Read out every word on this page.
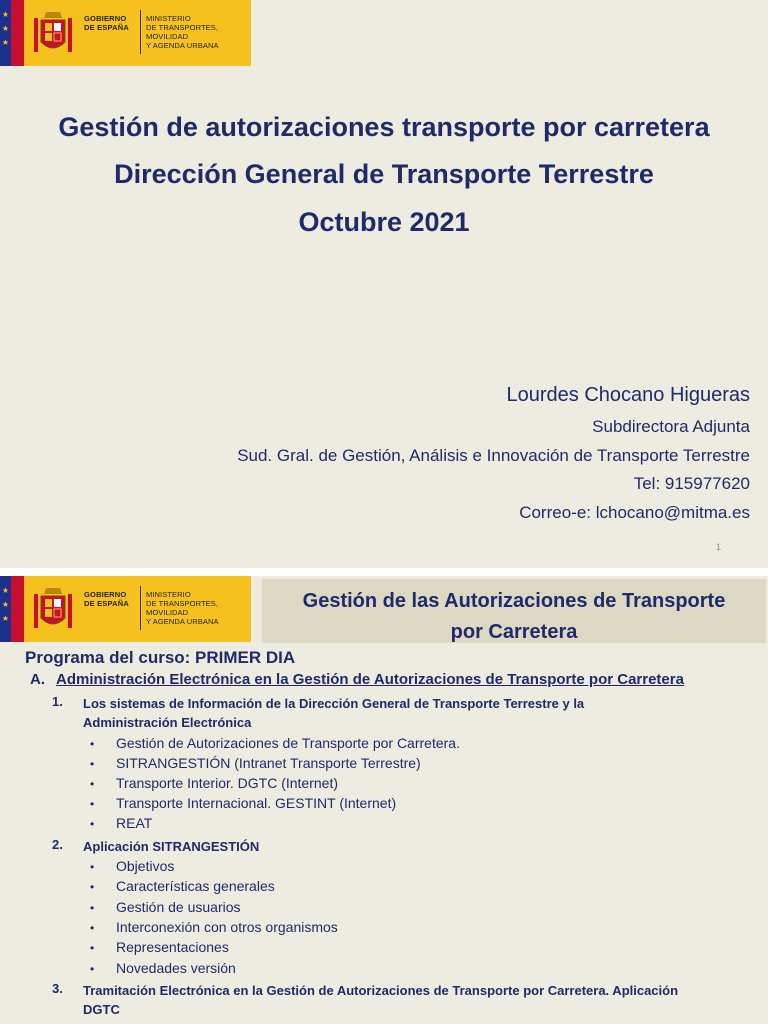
★
★
★
GOBIERNO
DE ESPAÑA
MINISTERIO
DE TRANSPORTES, MOVILIDAD
Y AGENDA URBANA
Gestión de autorizaciones transporte por carretera
Dirección General de Transporte Terrestre
Octubre 2021
Lourdes Chocano Higueras
Subdirectora Adjunta
Sud. Gral. de Gestión, Análisis e Innovación de Transporte Terrestre
Tel: 915977620
Correo-e: lchocano@mitma.es
1
★
★
★
GOBIERNO
DE ESPAÑA
MINISTERIO
DE TRANSPORTES, MOVILIDAD
Y AGENDA URBANA
Gestión de las Autorizaciones de Transporte
por Carretera
Programa del curso: PRIMER DIA
A. Administración Electrónica en la Gestión de Autorizaciones de Transporte por Carretera
1. Los sistemas de Información de la Dirección General de Transporte Terrestre y la
Administración Electrónica
• Gestión de Autorizaciones de Transporte por Carretera.
• SITRANGESTIÓN (Intranet Transporte Terrestre)
• Transporte Interior. DGTC (Internet)
• Transporte Internacional. GESTINT (Internet)
• REAT
2. Aplicación SITRANGESTIÓN
• Objetivos
• Características generales
• Gestión de usuarios
• Interconexión con otros organismos
• Representaciones
• Novedades versión
3. Tramitación Electrónica en la Gestión de Autorizaciones de Transporte por Carretera. Aplicación
DGTC
